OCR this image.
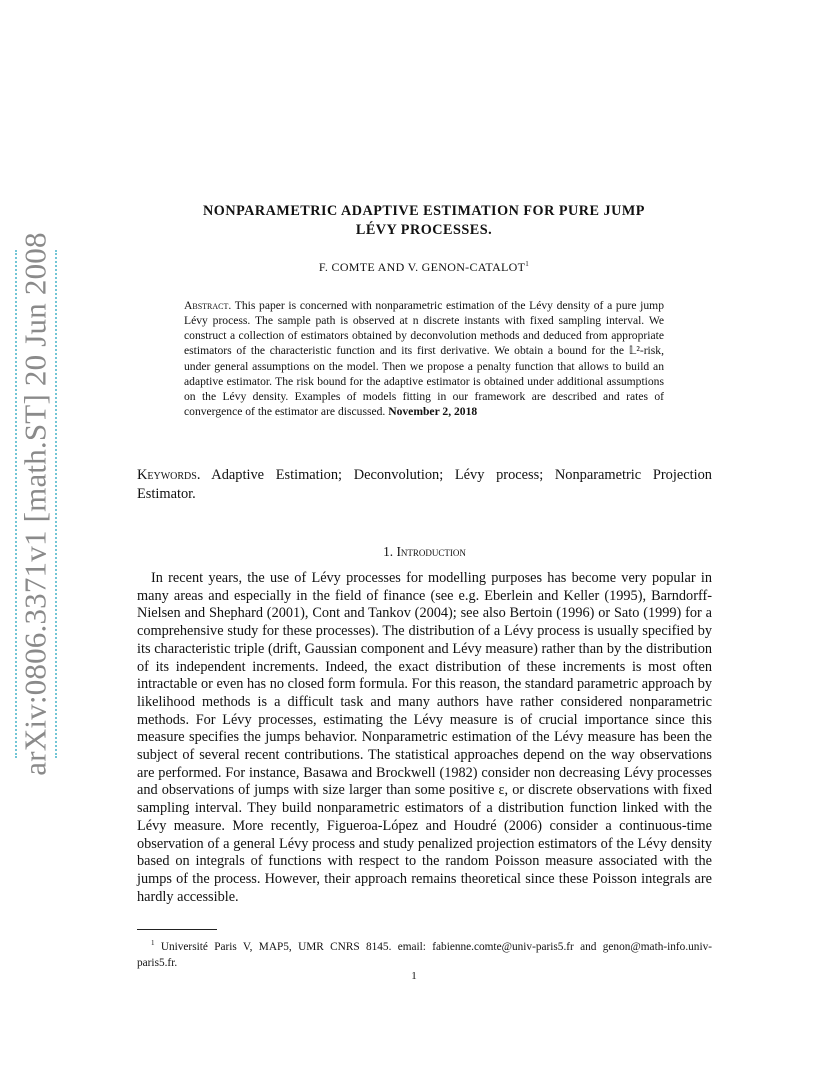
arXiv:0806.3371v1 [math.ST] 20 Jun 2008
NONPARAMETRIC ADAPTIVE ESTIMATION FOR PURE JUMP
LÉVY PROCESSES.
F. COMTE AND V. GENON-CATALOT$^1$
Abstract. This paper is concerned with nonparametric estimation of the Lévy density of a pure jump Lévy process. The sample path is observed at n discrete instants with fixed sampling interval. We construct a collection of estimators obtained by deconvolution methods and deduced from appropriate estimators of the characteristic function and its first derivative. We obtain a bound for the 𝕃²-risk, under general assumptions on the model. Then we propose a penalty function that allows to build an adaptive estimator. The risk bound for the adaptive estimator is obtained under additional assumptions on the Lévy density. Examples of models fitting in our framework are described and rates of convergence of the estimator are discussed. November 2, 2018
Keywords. Adaptive Estimation; Deconvolution; Lévy process; Nonparametric Projection Estimator.
1. Introduction
In recent years, the use of Lévy processes for modelling purposes has become very popular in many areas and especially in the field of finance (see e.g. Eberlein and Keller (1995), Barndorff-Nielsen and Shephard (2001), Cont and Tankov (2004); see also Bertoin (1996) or Sato (1999) for a comprehensive study for these processes). The distribution of a Lévy process is usually specified by its characteristic triple (drift, Gaussian component and Lévy measure) rather than by the distribution of its independent increments. Indeed, the exact distribution of these increments is most often intractable or even has no closed form formula. For this reason, the standard parametric approach by likelihood methods is a difficult task and many authors have rather considered nonparametric methods. For Lévy processes, estimating the Lévy measure is of crucial importance since this measure specifies the jumps behavior. Nonparametric estimation of the Lévy measure has been the subject of several recent contributions. The statistical approaches depend on the way observations are performed. For instance, Basawa and Brockwell (1982) consider non decreasing Lévy processes and observations of jumps with size larger than some positive ε, or discrete observations with fixed sampling interval. They build nonparametric estimators of a distribution function linked with the Lévy measure. More recently, Figueroa-López and Houdré (2006) consider a continuous-time observation of a general Lévy process and study penalized projection estimators of the Lévy density based on integrals of functions with respect to the random Poisson measure associated with the jumps of the process. However, their approach remains theoretical since these Poisson integrals are hardly accessible.
$^1$ Université Paris V, MAP5, UMR CNRS 8145. email: fabienne.comte@univ-paris5.fr and genon@math-info.univ-paris5.fr.
1
